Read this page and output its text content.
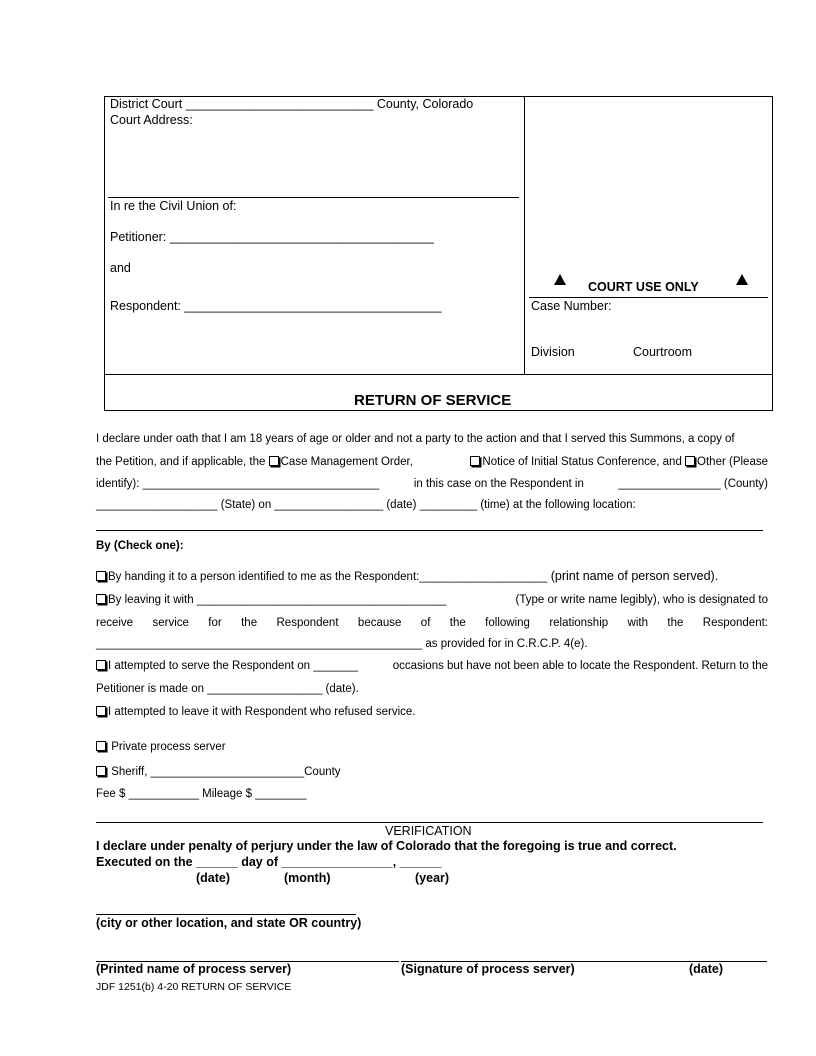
District Court ___________________________ County, Colorado
Court Address:
In re the Civil Union of:
Petitioner: ______________________________________
and
Respondent: _____________________________________
COURT USE ONLY
Case Number:
Division	Courtroom
RETURN OF SERVICE
I declare under oath that I am 18 years of age or older and not a party to the action and that I served this Summons, a copy of
the Petition, and if applicable, the Case Management Order,	Notice of Initial Status Conference, and Other (Please
identify): _____________________________________	in this case on the Respondent in	________________ (County)
___________________ (State) on _________________ (date) _________ (time) at the following location:
By (Check one):
By handing it to a person identified to me as the Respondent:____________________ (print name of person served).
By leaving it with _______________________________________	(Type or write name legibly), who is designated to
receive service for the Respondent because of the following relationship with the Respondent:
___________________________________________________ as provided for in C.R.C.P. 4(e).
I attempted to serve the Respondent on _______	occasions but have not been able to locate the Respondent. Return to the
Petitioner is made on __________________ (date).
I attempted to leave it with Respondent who refused service.
Private process server
Sheriff, ________________________County
Fee $ ___________ Mileage $ ________
VERIFICATION
I declare under penalty of perjury under the law of Colorado that the foregoing is true and correct.
Executed on the ______ day of ________________, ______
(date)	(month)	(year)
(city or other location, and state OR country)
(Printed name of process server)	(Signature of process server)	(date)
JDF 1251(b) 4-20 RETURN OF SERVICE
